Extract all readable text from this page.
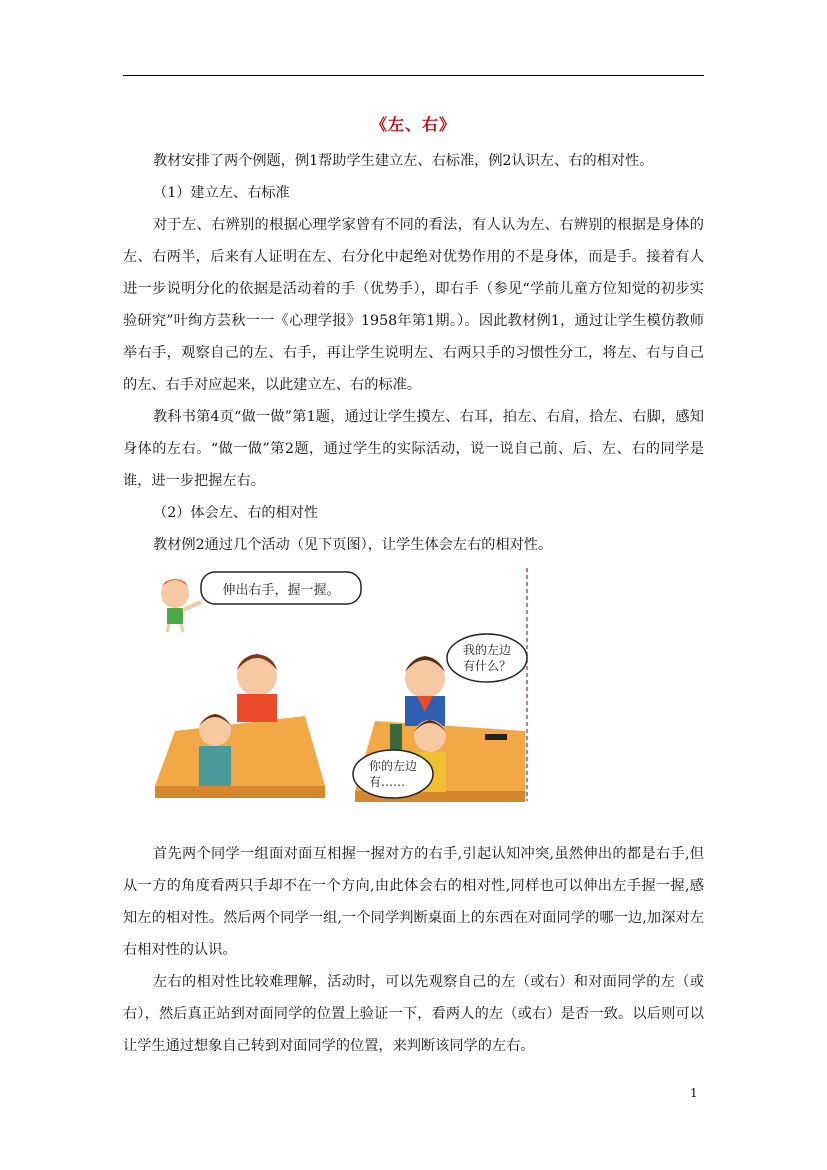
《左、右》

教材安排了两个例题，例1帮助学生建立左、右标准，例2认识左、右的相对性。

（1）建立左、右标准

对于左、右辨别的根据心理学家曾有不同的看法，有人认为左、右辨别的根据是身体的左、右两半，后来有人证明在左、右分化中起绝对优势作用的不是身体，而是手。接着有人进一步说明分化的依据是活动着的手（优势手），即右手（参见“学前儿童方位知觉的初步实验研究”叶绚方芸秋一一《心理学报》1958年第1期。）。因此教材例1，通过让学生模仿教师举右手，观察自己的左、右手，再让学生说明左、右两只手的习惯性分工，将左、右与自己的左、右手对应起来，以此建立左、右的标准。

教科书第4页“做一做”第1题，通过让学生摸左、右耳，拍左、右肩，拾左、右脚，感知身体的左右。“做一做”第2题，通过学生的实际活动，说一说自己前、后、左、右的同学是谁，进一步把握左右。

（2）体会左、右的相对性

教材例2通过几个活动（见下页图），让学生体会左右的相对性。

伸出右手，握一握。
我的左边
有什么？
你的左边
有……

首先两个同学一组面对面互相握一握对方的右手,引起认知冲突,虽然伸出的都是右手,但从一方的角度看两只手却不在一个方向,由此体会右的相对性,同样也可以伸出左手握一握,感知左的相对性。然后两个同学一组,一个同学判断桌面上的东西在对面同学的哪一边,加深对左右相对性的认识。

左右的相对性比较难理解，活动时，可以先观察自己的左（或右）和对面同学的左（或右），然后真正站到对面同学的位置上验证一下，看两人的左（或右）是否一致。以后则可以让学生通过想象自己转到对面同学的位置，来判断该同学的左右。

1
